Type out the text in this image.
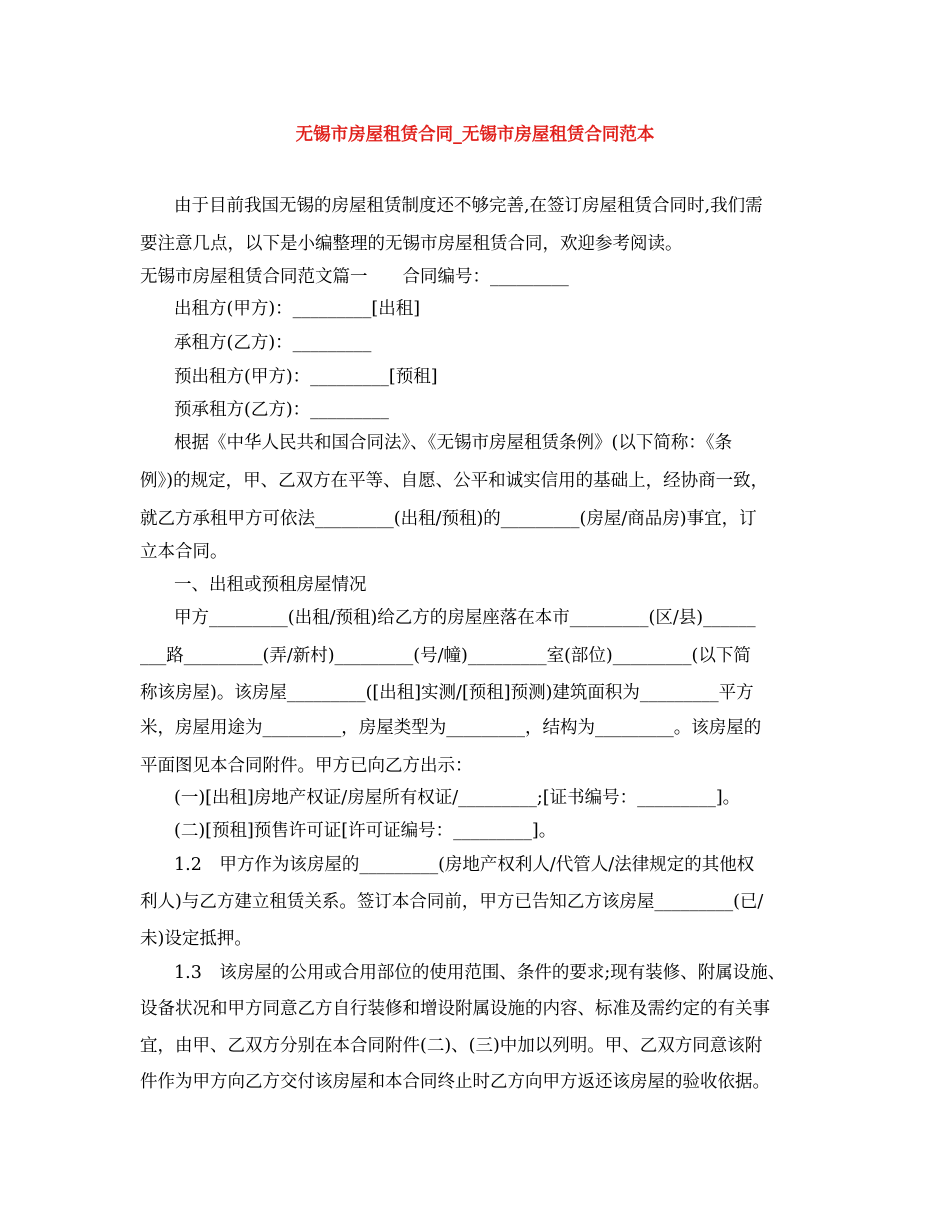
无锡市房屋租赁合同_无锡市房屋租赁合同范本
由于目前我国无锡的房屋租赁制度还不够完善,在签订房屋租赁合同时,我们需
要注意几点，以下是小编整理的无锡市房屋租赁合同，欢迎参考阅读。
无锡市房屋租赁合同范文篇一　　合同编号：_________
出租方(甲方)：_________[出租]
承租方(乙方)：_________
预出租方(甲方)：_________[预租]
预承租方(乙方)：_________
根据《中华人民共和国合同法》、《无锡市房屋租赁条例》(以下简称：《条
例》)的规定，甲、乙双方在平等、自愿、公平和诚实信用的基础上，经协商一致，
就乙方承租甲方可依法_________(出租/预租)的_________(房屋/商品房)事宜，订
立本合同。
一、出租或预租房屋情况
甲方_________(出租/预租)给乙方的房屋座落在本市_________(区/县)______
___路_________(弄/新村)_________(号/幢)_________室(部位)_________(以下简
称该房屋)。该房屋_________([出租]实测/[预租]预测)建筑面积为_________平方
米，房屋用途为_________，房屋类型为_________，结构为_________。该房屋的
平面图见本合同附件。甲方已向乙方出示：
(一)[出租]房地产权证/房屋所有权证/_________;[证书编号：_________]。
(二)[预租]预售许可证[许可证编号：_________]。
1.2　甲方作为该房屋的_________(房地产权利人/代管人/法律规定的其他权
利人)与乙方建立租赁关系。签订本合同前，甲方已告知乙方该房屋_________(已/
未)设定抵押。
1.3　该房屋的公用或合用部位的使用范围、条件的要求;现有装修、附属设施、
设备状况和甲方同意乙方自行装修和增设附属设施的内容、标准及需约定的有关事
宜，由甲、乙双方分别在本合同附件(二)、(三)中加以列明。甲、乙双方同意该附
件作为甲方向乙方交付该房屋和本合同终止时乙方向甲方返还该房屋的验收依据。
